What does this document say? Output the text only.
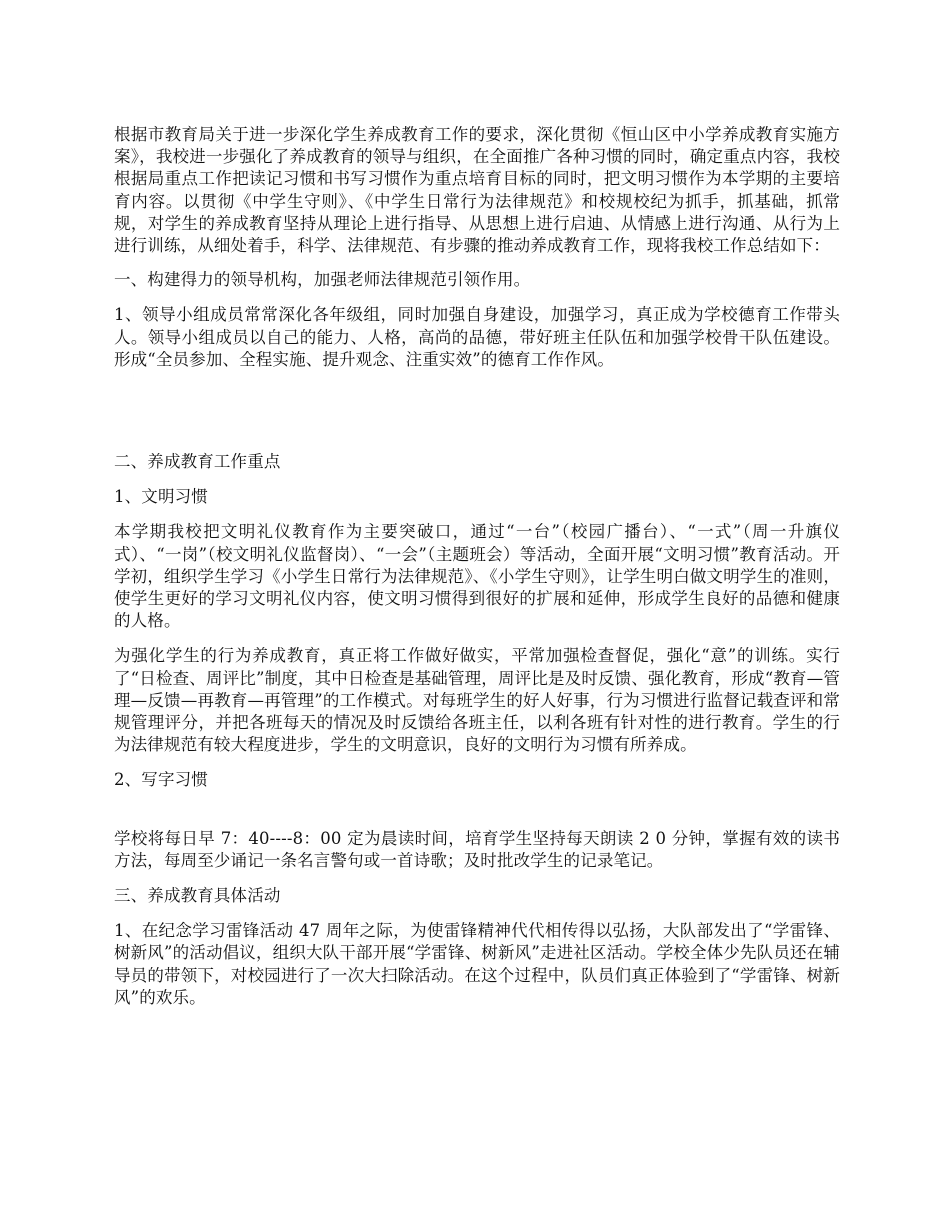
根据市教育局关于进一步深化学生养成教育工作的要求，深化贯彻《恒山区中小学养成教育实施方案》，我校进一步强化了养成教育的领导与组织，在全面推广各种习惯的同时，确定重点内容，我校根据局重点工作把读记习惯和书写习惯作为重点培育目标的同时，把文明习惯作为本学期的主要培育内容。以贯彻《中学生守则》、《中学生日常行为法律规范》和校规校纪为抓手，抓基础，抓常规，对学生的养成教育坚持从理论上进行指导、从思想上进行启迪、从情感上进行沟通、从行为上进行训练，从细处着手，科学、法律规范、有步骤的推动养成教育工作，现将我校工作总结如下：

一、构建得力的领导机构，加强老师法律规范引领作用。

1、领导小组成员常常深化各年级组，同时加强自身建设，加强学习，真正成为学校德育工作带头人。领导小组成员以自己的能力、人格，高尚的品德，带好班主任队伍和加强学校骨干队伍建设。形成“全员参加、全程实施、提升观念、注重实效”的德育工作作风。

二、养成教育工作重点

1、文明习惯

本学期我校把文明礼仪教育作为主要突破口，通过“一台”（校园广播台）、“一式”（周一升旗仪式）、“一岗”（校文明礼仪监督岗）、“一会”（主题班会）等活动，全面开展“文明习惯”教育活动。开学初，组织学生学习《小学生日常行为法律规范》、《小学生守则》，让学生明白做文明学生的准则，使学生更好的学习文明礼仪内容，使文明习惯得到很好的扩展和延伸，形成学生良好的品德和健康的人格。

为强化学生的行为养成教育，真正将工作做好做实，平常加强检查督促，强化“意”的训练。实行了“日检查、周评比”制度，其中日检查是基础管理，周评比是及时反馈、强化教育，形成“教育—管理—反馈—再教育—再管理”的工作模式。对每班学生的好人好事，行为习惯进行监督记载查评和常规管理评分，并把各班每天的情况及时反馈给各班主任，以利各班有针对性的进行教育。学生的行为法律规范有较大程度进步，学生的文明意识，良好的文明行为习惯有所养成。

2、写字习惯

学校将每日早 7：40----8：00 定为晨读时间，培育学生坚持每天朗读 2 0 分钟，掌握有效的读书方法，每周至少诵记一条名言警句或一首诗歌；及时批改学生的记录笔记。

三、养成教育具体活动

1、在纪念学习雷锋活动 47 周年之际，为使雷锋精神代代相传得以弘扬，大队部发出了“学雷锋、树新风”的活动倡议，组织大队干部开展“学雷锋、树新风”走进社区活动。学校全体少先队员还在辅导员的带领下，对校园进行了一次大扫除活动。在这个过程中，队员们真正体验到了“学雷锋、树新风”的欢乐。
